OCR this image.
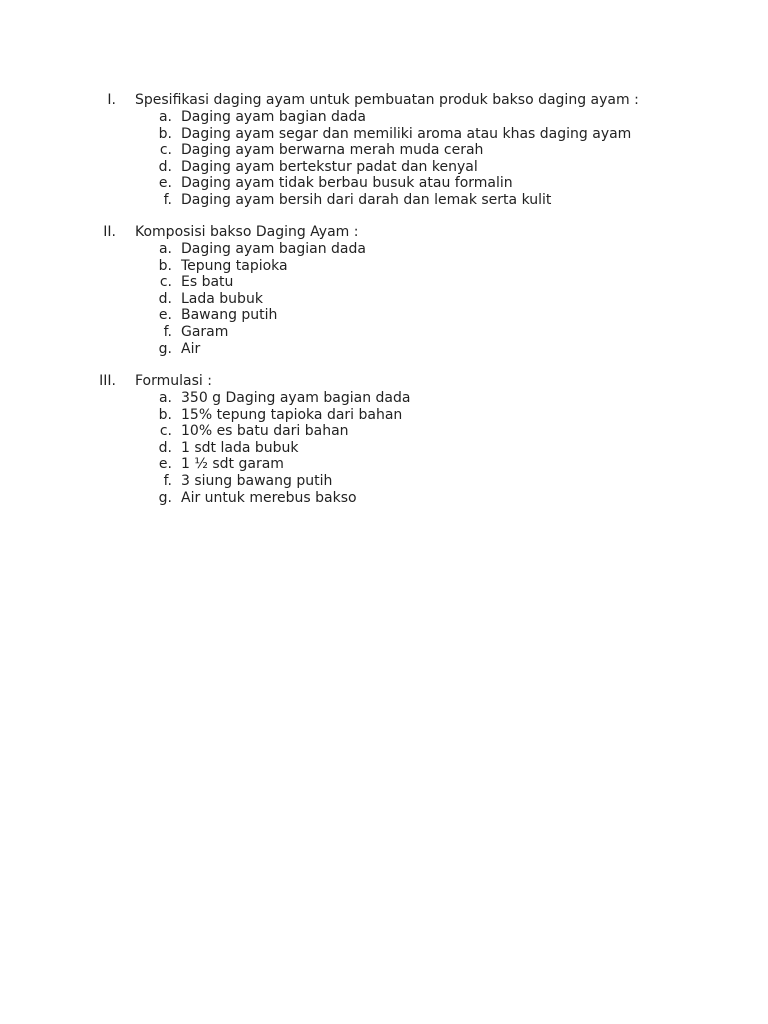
I. Spesifikasi daging ayam untuk pembuatan produk bakso daging ayam :
a. Daging ayam bagian dada
b. Daging ayam segar dan memiliki aroma atau khas daging ayam
c. Daging ayam berwarna merah muda cerah
d. Daging ayam bertekstur padat dan kenyal
e. Daging ayam tidak berbau busuk atau formalin
f. Daging ayam bersih dari darah dan lemak serta kulit
II. Komposisi bakso Daging Ayam :
a. Daging ayam bagian dada
b. Tepung tapioka
c. Es batu
d. Lada bubuk
e. Bawang putih
f. Garam
g. Air
III. Formulasi :
a. 350 g Daging ayam bagian dada
b. 15% tepung tapioka dari bahan
c. 10% es batu dari bahan
d. 1 sdt lada bubuk
e. 1 ½ sdt garam
f. 3 siung bawang putih
g. Air untuk merebus bakso
